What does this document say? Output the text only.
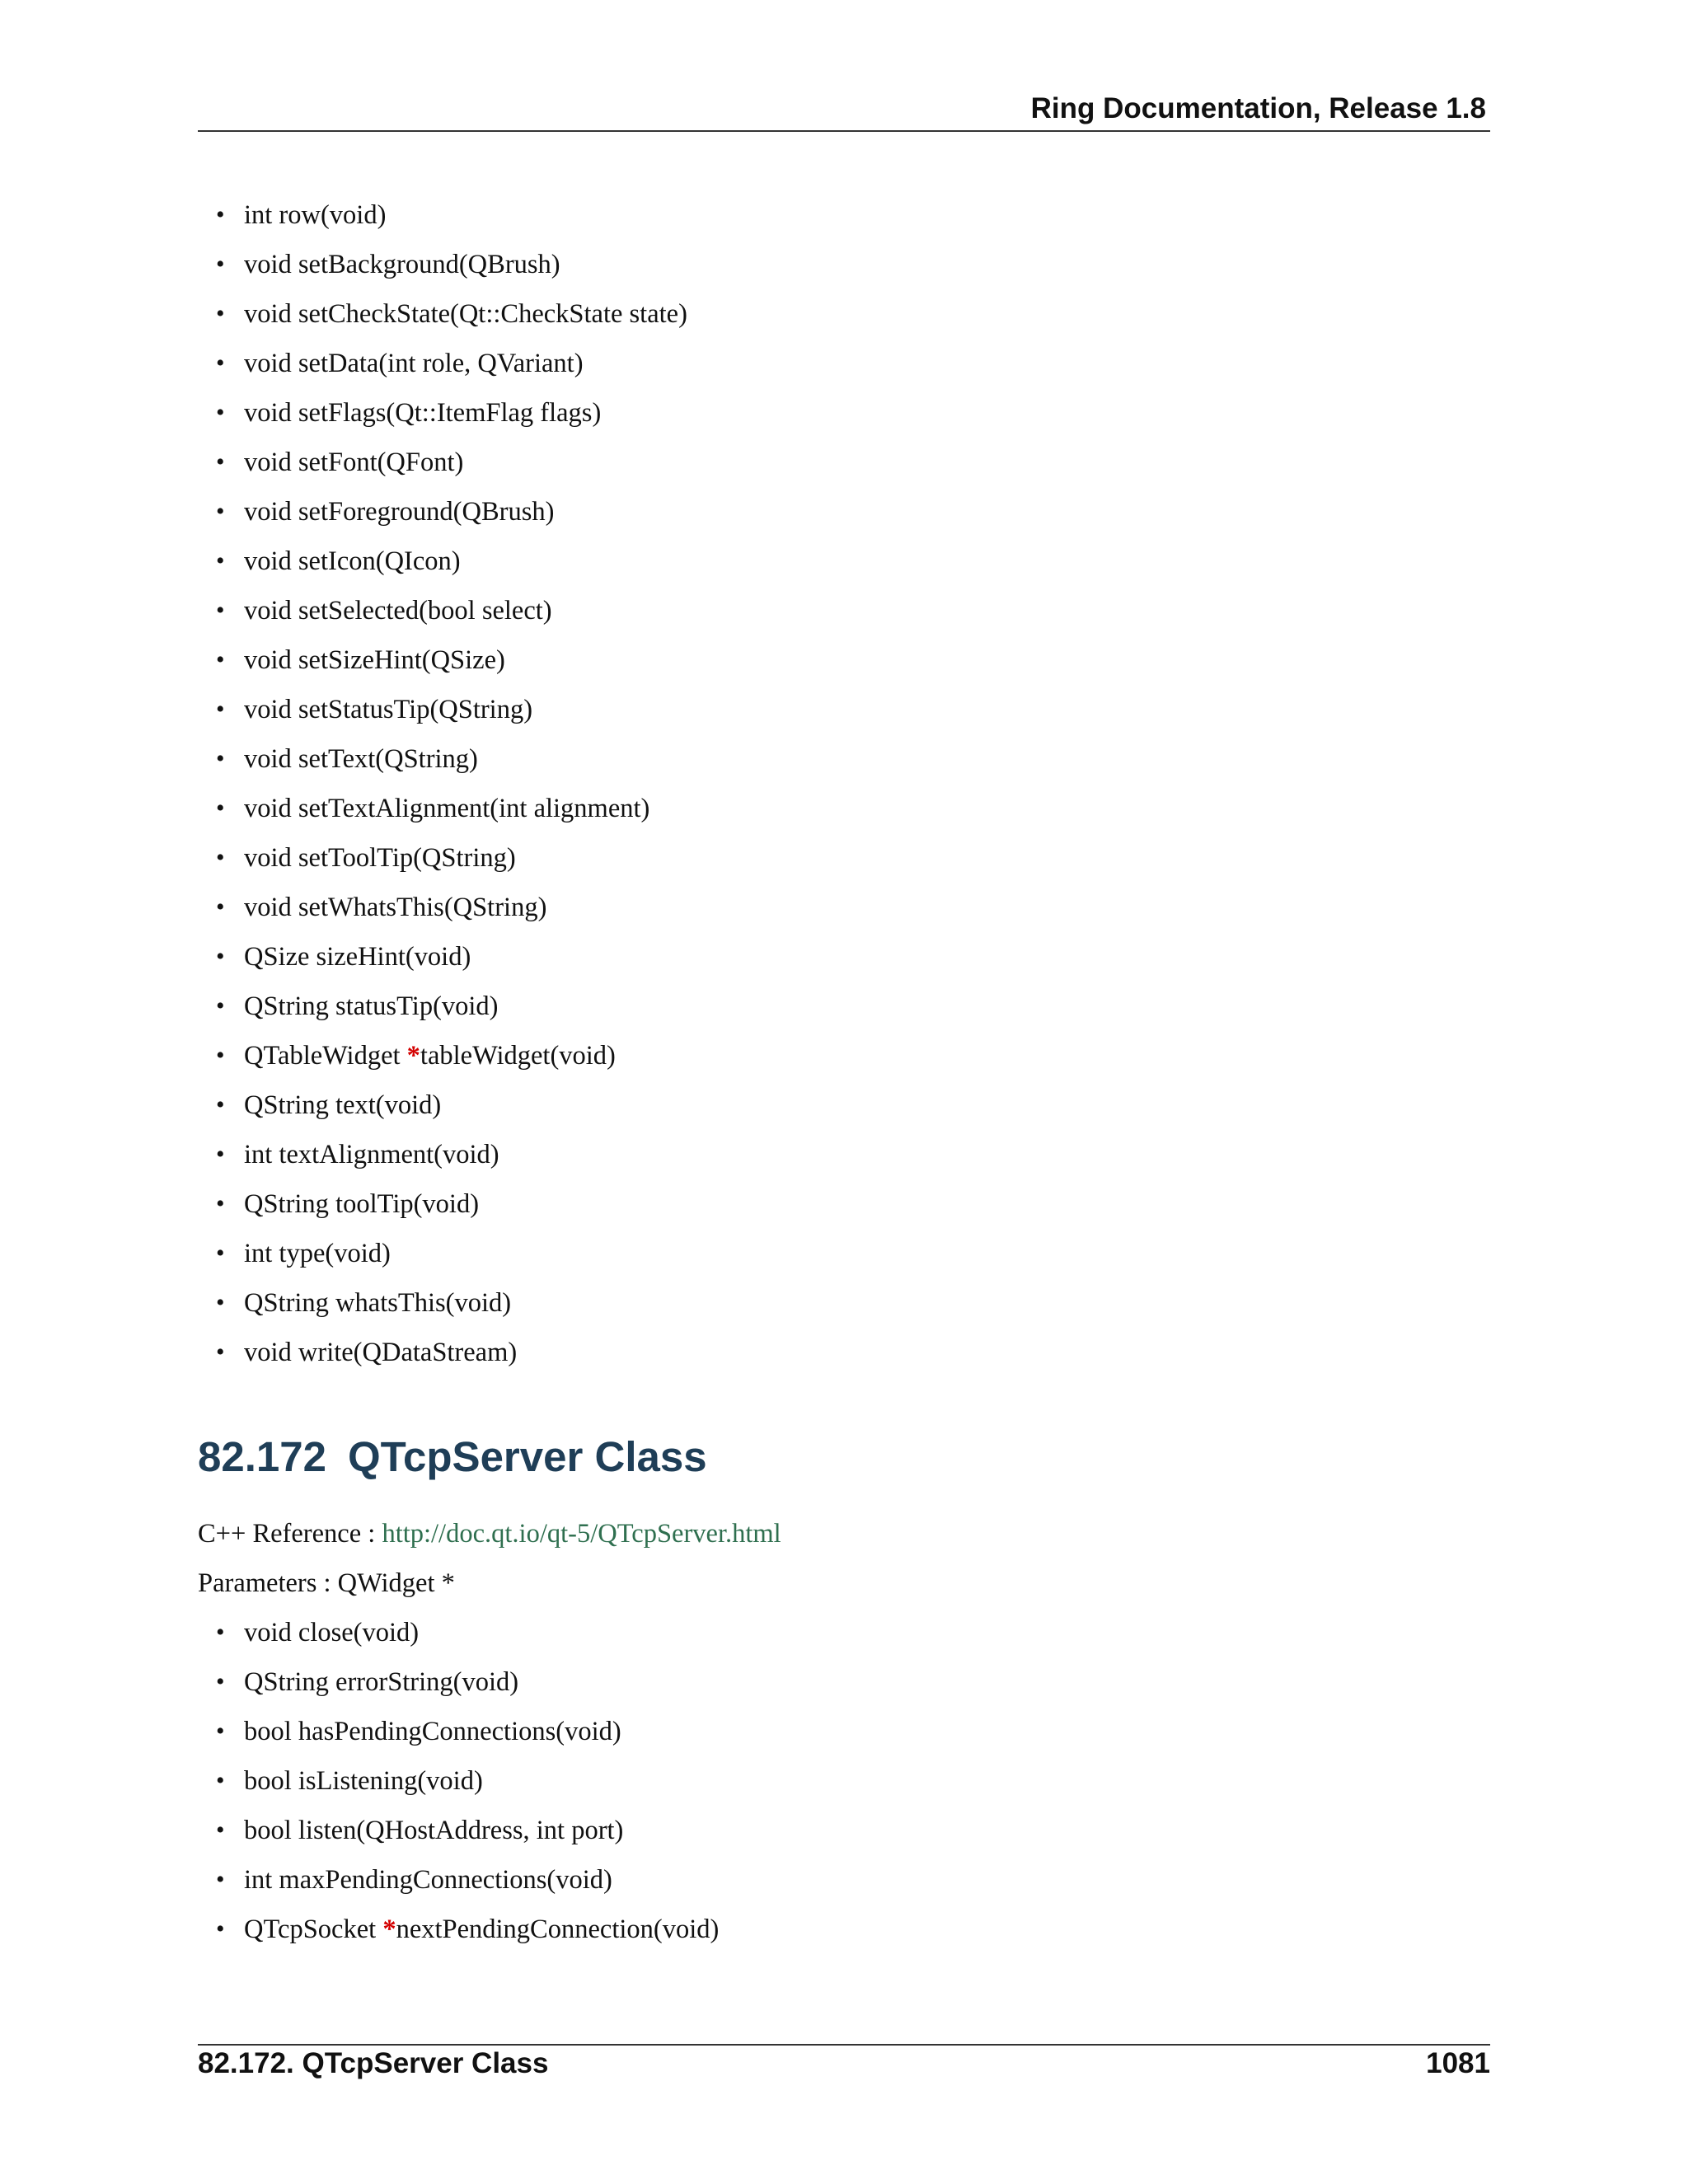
Ring Documentation, Release 1.8
• int row(void)
• void setBackground(QBrush)
• void setCheckState(Qt::CheckState state)
• void setData(int role, QVariant)
• void setFlags(Qt::ItemFlag flags)
• void setFont(QFont)
• void setForeground(QBrush)
• void setIcon(QIcon)
• void setSelected(bool select)
• void setSizeHint(QSize)
• void setStatusTip(QString)
• void setText(QString)
• void setTextAlignment(int alignment)
• void setToolTip(QString)
• void setWhatsThis(QString)
• QSize sizeHint(void)
• QString statusTip(void)
• QTableWidget *tableWidget(void)
• QString text(void)
• int textAlignment(void)
• QString toolTip(void)
• int type(void)
• QString whatsThis(void)
• void write(QDataStream)
82.172 QTcpServer Class
C++ Reference : http://doc.qt.io/qt-5/QTcpServer.html
Parameters : QWidget *
• void close(void)
• QString errorString(void)
• bool hasPendingConnections(void)
• bool isListening(void)
• bool listen(QHostAddress, int port)
• int maxPendingConnections(void)
• QTcpSocket *nextPendingConnection(void)
82.172. QTcpServer Class	1081
